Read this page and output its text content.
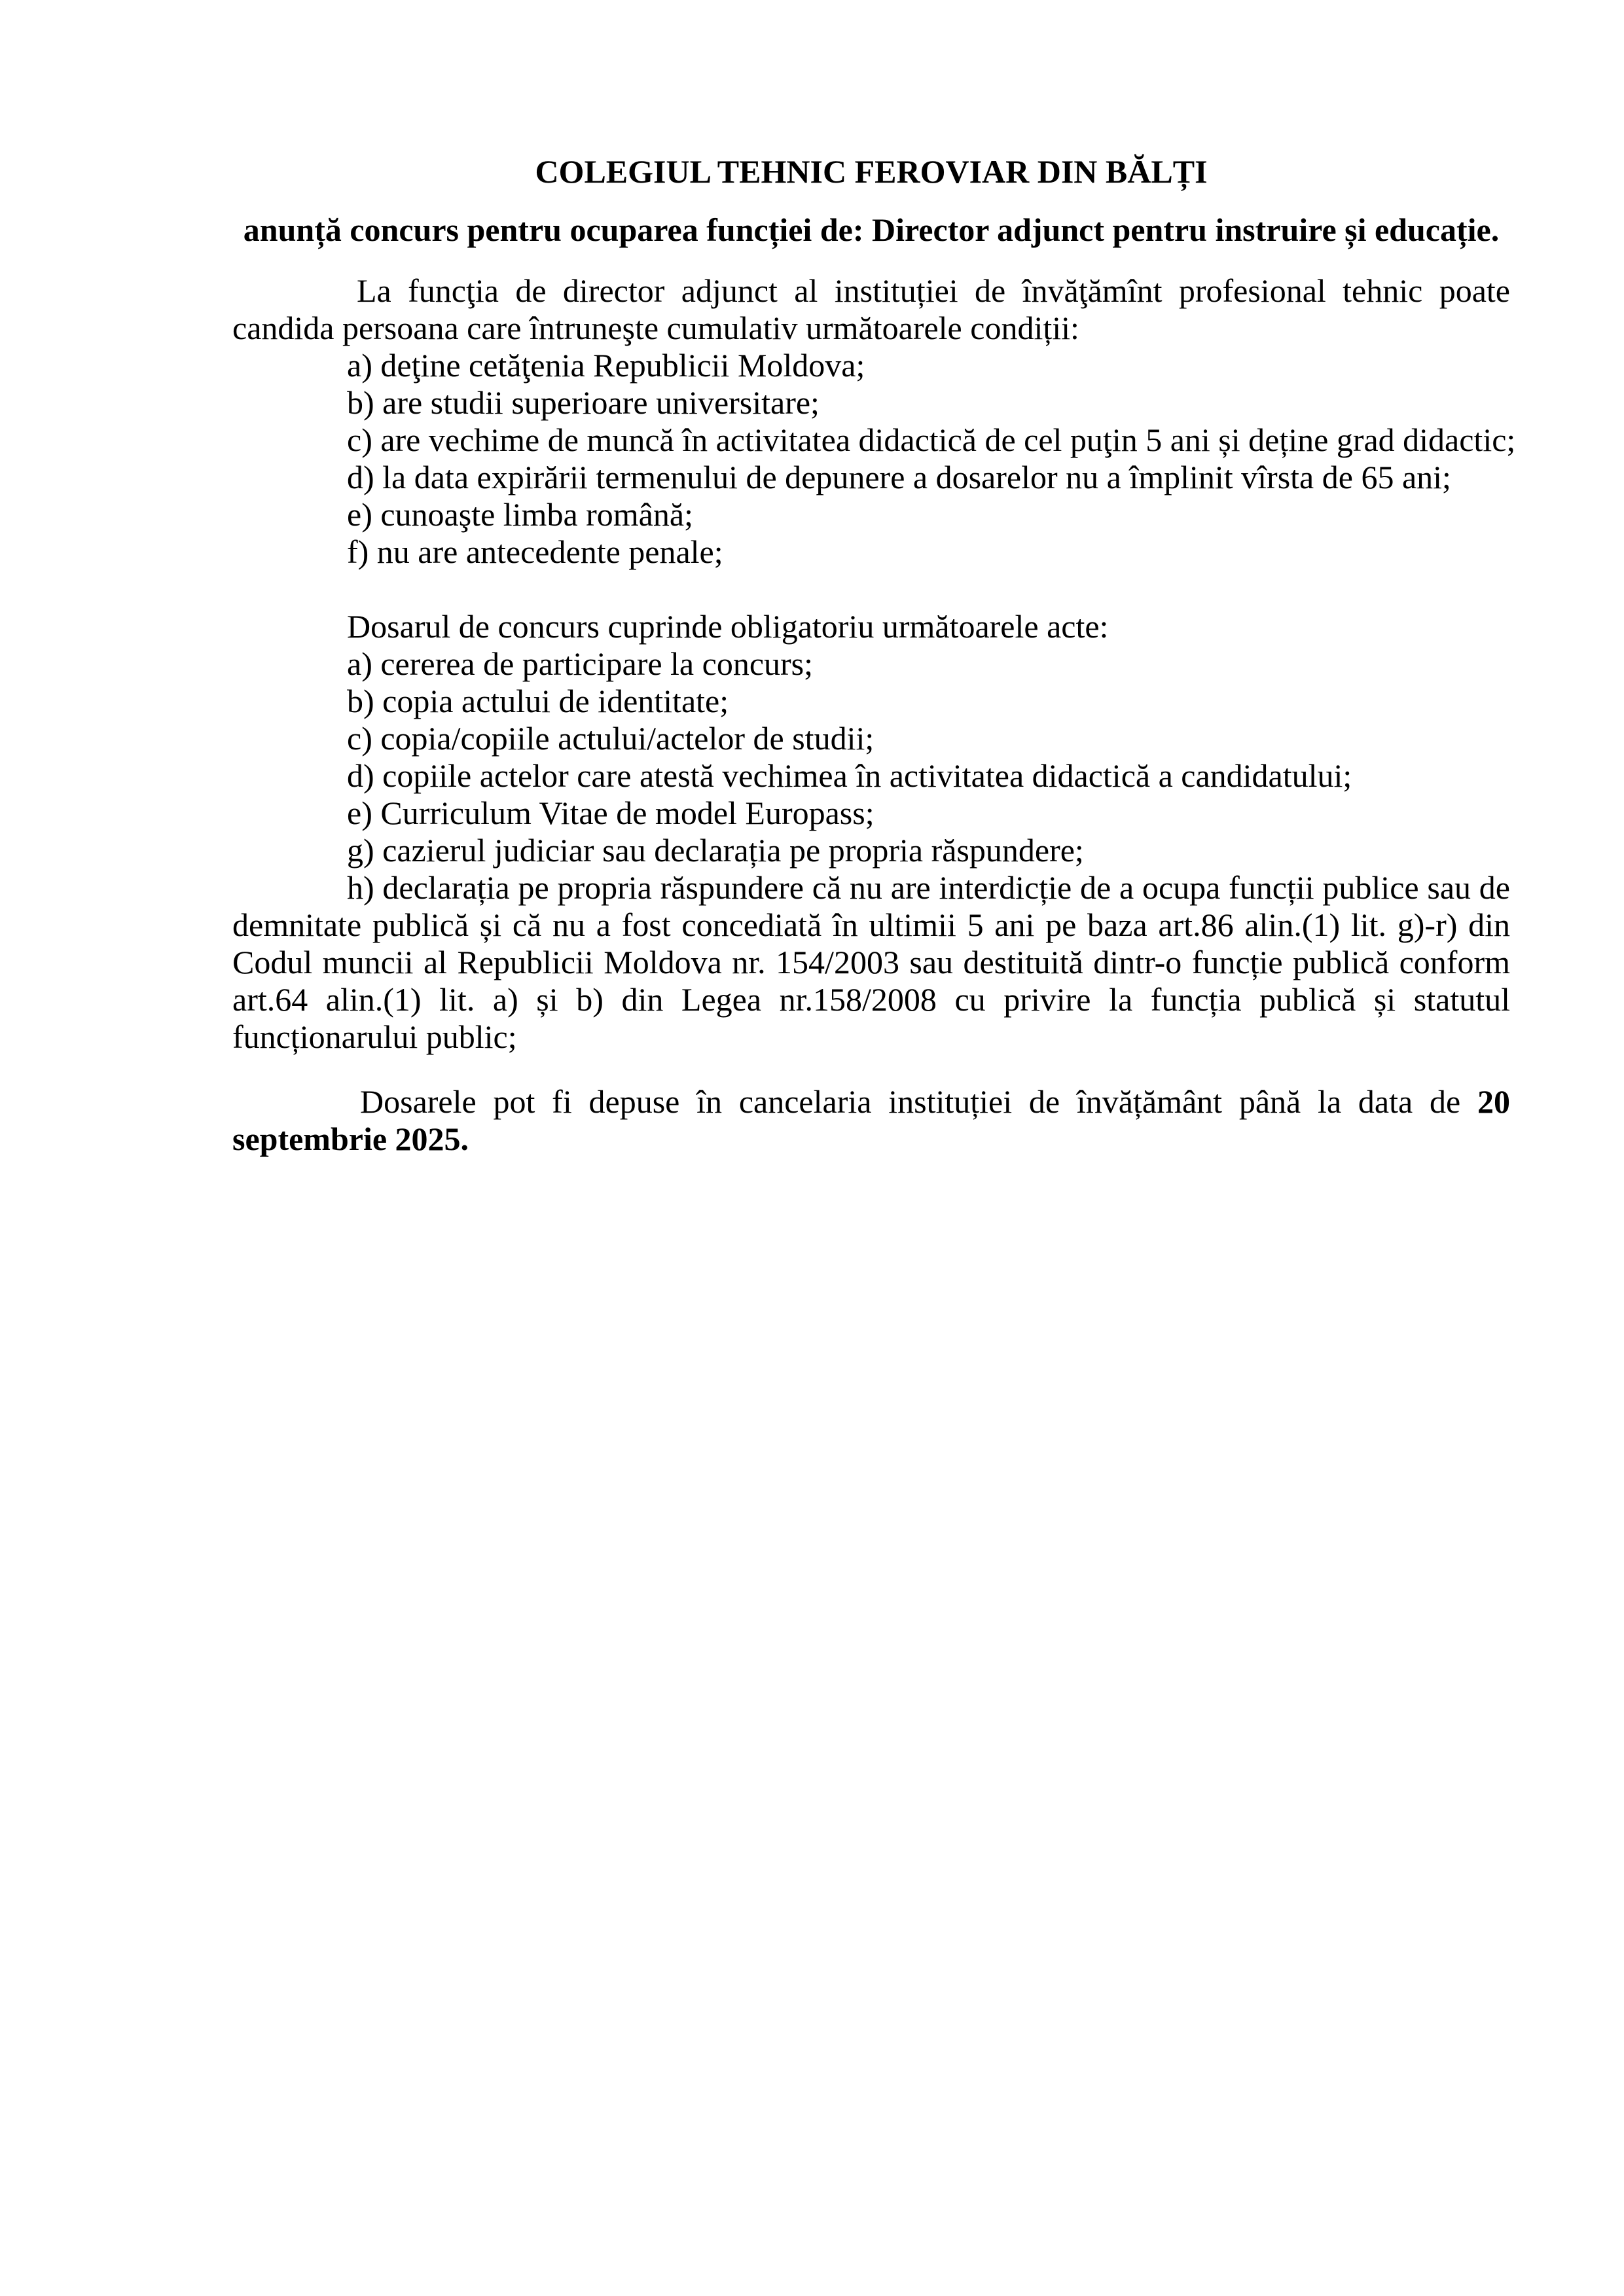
COLEGIUL TEHNIC FEROVIAR DIN BĂLȚI

anunță concurs pentru ocuparea funcției de: Director adjunct pentru instruire și educație.

La funcţia de director adjunct al instituției de învăţămînt profesional tehnic poate candida persoana care întruneşte cumulativ următoarele condiții:

a) deţine cetăţenia Republicii Moldova;
b) are studii superioare universitare;
c) are vechime de muncă în activitatea didactică de cel puţin 5 ani și deține grad didactic;
d) la data expirării termenului de depunere a dosarelor nu a împlinit vîrsta de 65 ani;
e) cunoaşte limba română;
f) nu are antecedente penale;

Dosarul de concurs cuprinde obligatoriu următoarele acte:

a) cererea de participare la concurs;
b) copia actului de identitate;
c) copia/copiile actului/actelor de studii;
d) copiile actelor care atestă vechimea în activitatea didactică a candidatului;
e) Curriculum Vitae de model Europass;
g) cazierul judiciar sau declarația pe propria răspundere;

h) declarația pe propria răspundere că nu are interdicție de a ocupa funcții publice sau de demnitate publică și că nu a fost concediată în ultimii 5 ani pe baza art.86 alin.(1) lit. g)-r) din Codul muncii al Republicii Moldova nr. 154/2003 sau destituită dintr-o funcție publică conform art.64 alin.(1) lit. a) și b) din Legea nr.158/2008 cu privire la funcția publică și statutul funcționarului public;

Dosarele pot fi depuse în cancelaria instituției de învățământ până la data de 20 septembrie 2025.
